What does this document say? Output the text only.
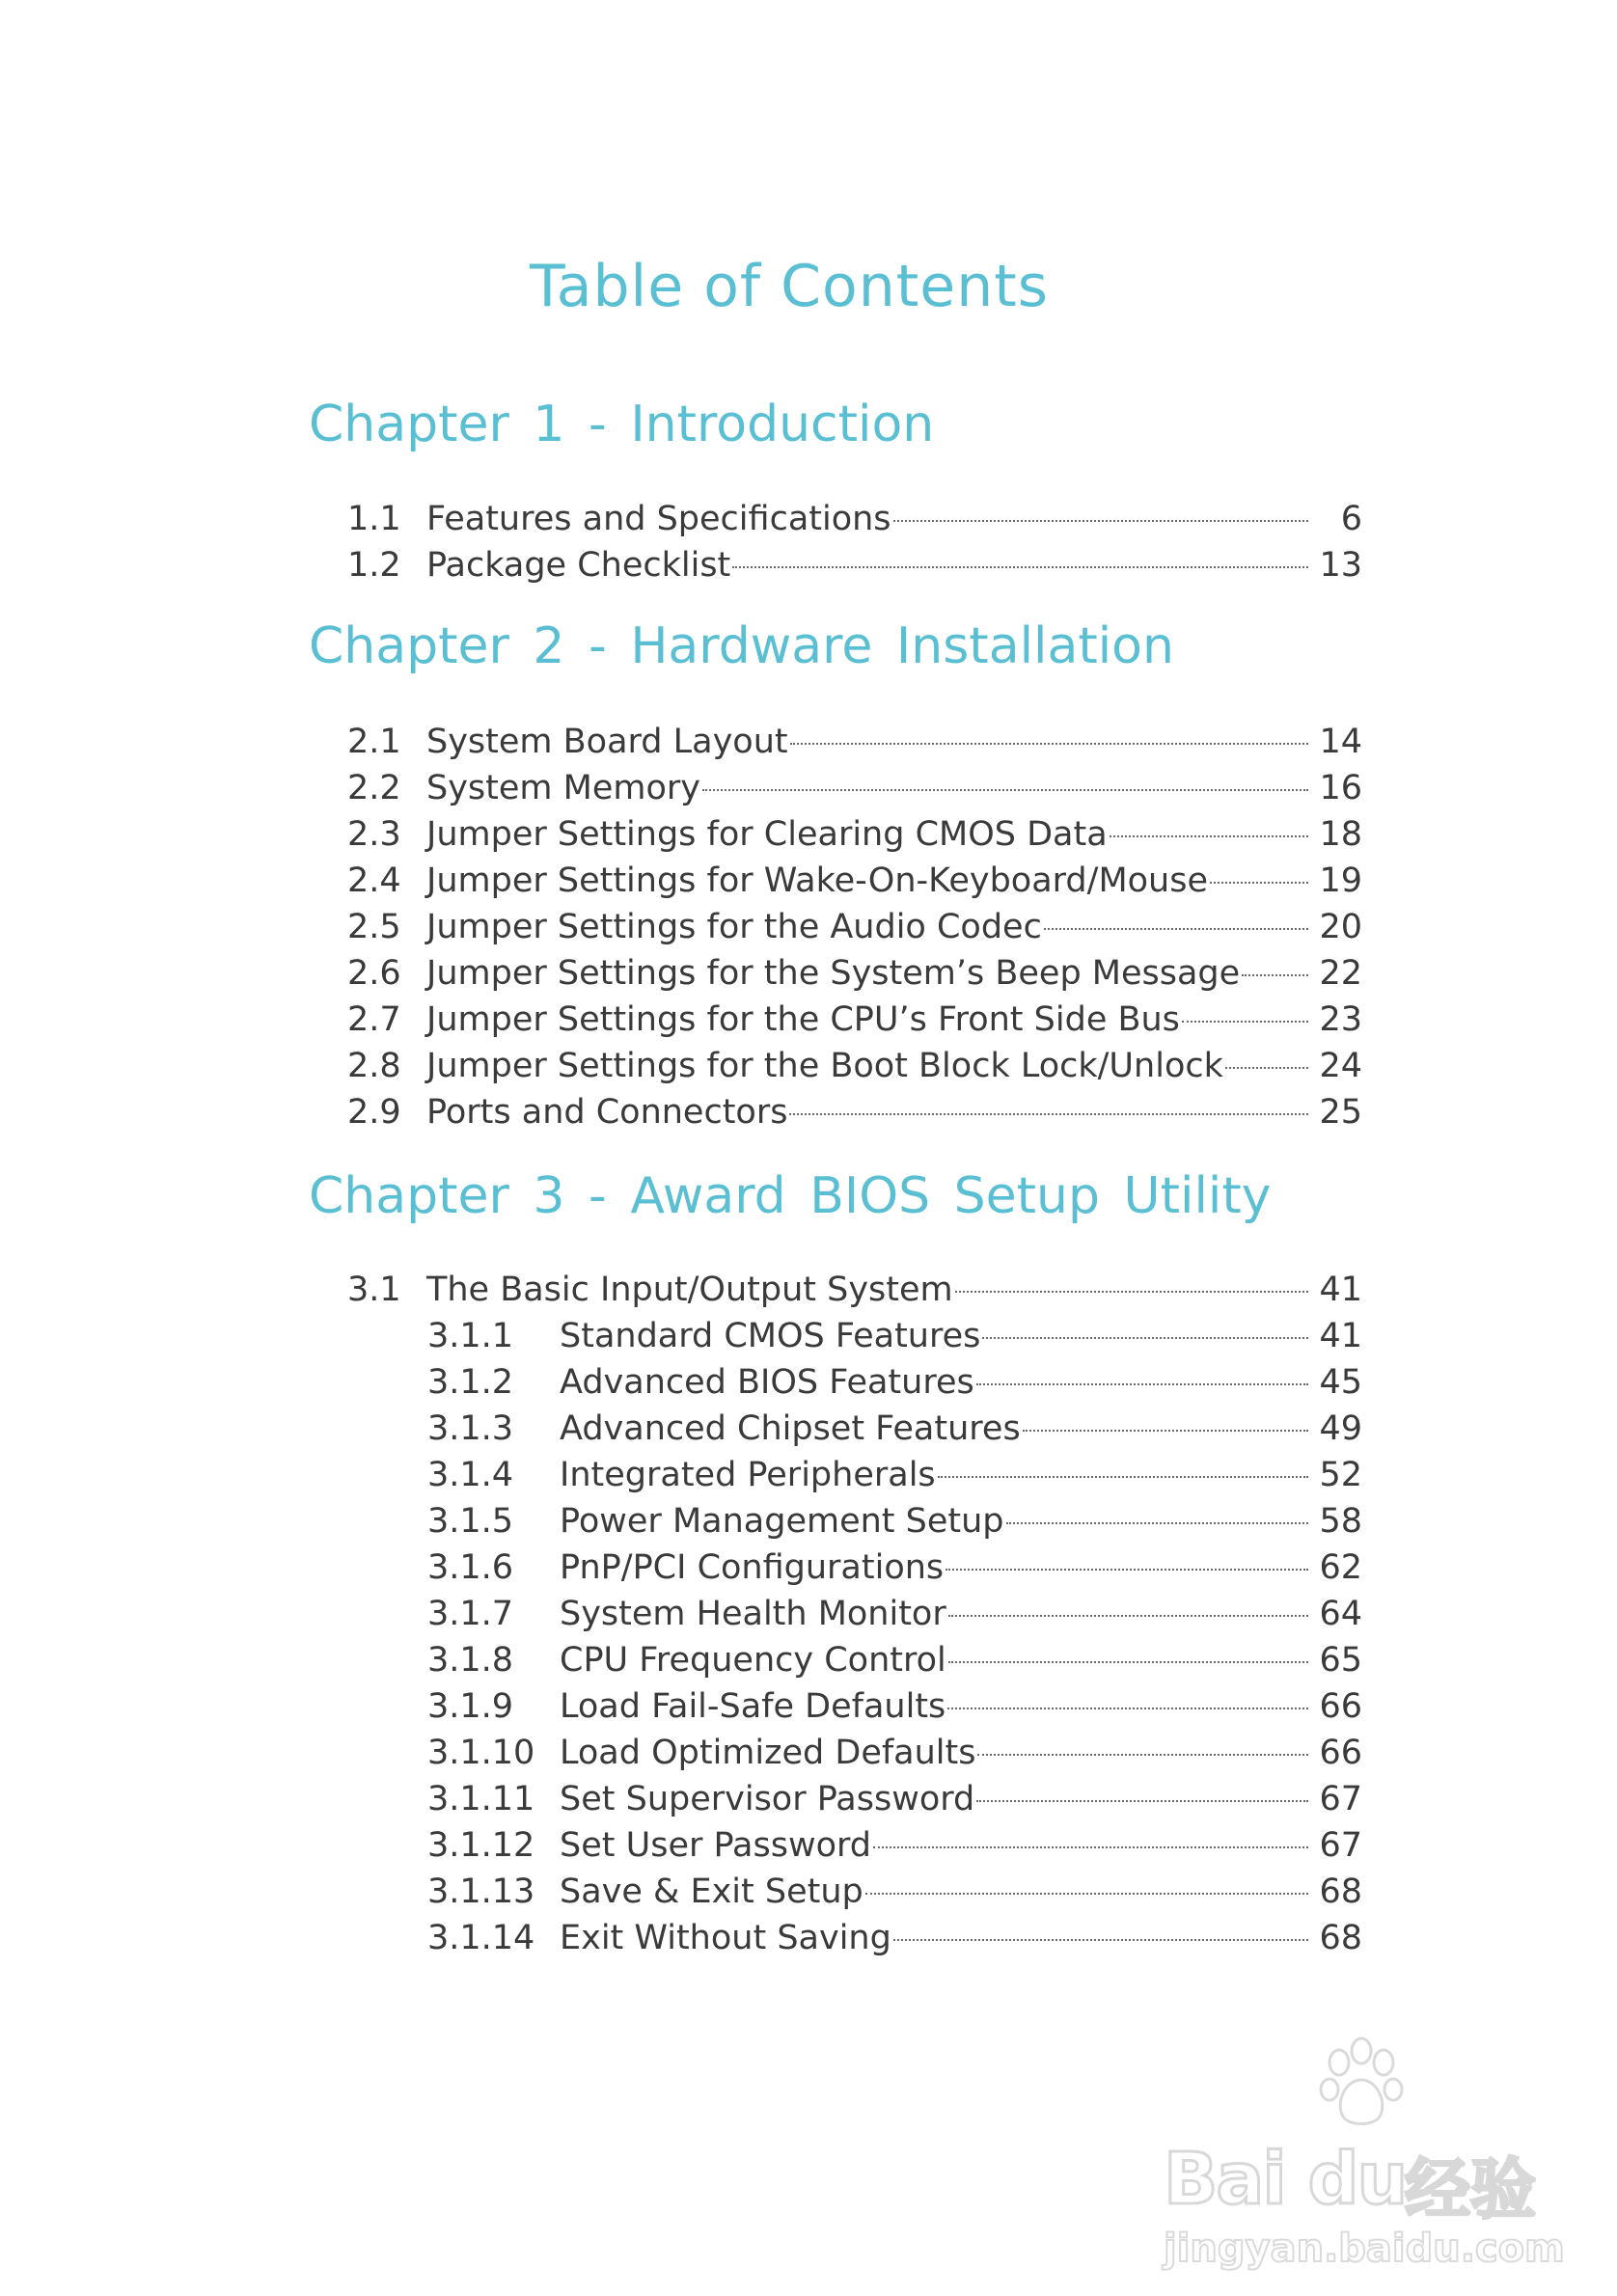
Table of Contents
Chapter 1 - Introduction
1.1 Features and Specifications	6
1.2 Package Checklist	13
Chapter 2 - Hardware Installation
2.1 System Board Layout	14
2.2 System Memory	16
2.3 Jumper Settings for Clearing CMOS Data	18
2.4 Jumper Settings for Wake-On-Keyboard/Mouse	19
2.5 Jumper Settings for the Audio Codec	20
2.6 Jumper Settings for the System’s Beep Message 22
2.7 Jumper Settings for the CPU’s Front Side Bus	23
2.8 Jumper Settings for the Boot Block Lock/Unlock	24
2.9 Ports and Connectors	25
Chapter 3 - Award BIOS Setup Utility
3.1 The Basic Input/Output System	41
3.1.1	Standard CMOS Features	41
3.1.2	Advanced BIOS Features	45
3.1.3	Advanced Chipset Features	49
3.1.4	Integrated Peripherals	52
3.1.5	Power Management Setup	58
3.1.6	PnP/PCI Configurations	62
3.1.7	System Health Monitor	64
3.1.8	CPU Frequency Control	65
3.1.9	Load Fail-Safe Defaults	66
3.1.10 Load Optimized Defaults	66
3.1.11 Set Supervisor Password	67
3.1.12 Set User Password	67
3.1.13 Save & Exit Setup	68
3.1.14 Exit Without Saving	68
Bai du
经验
jingyan.baidu.com
